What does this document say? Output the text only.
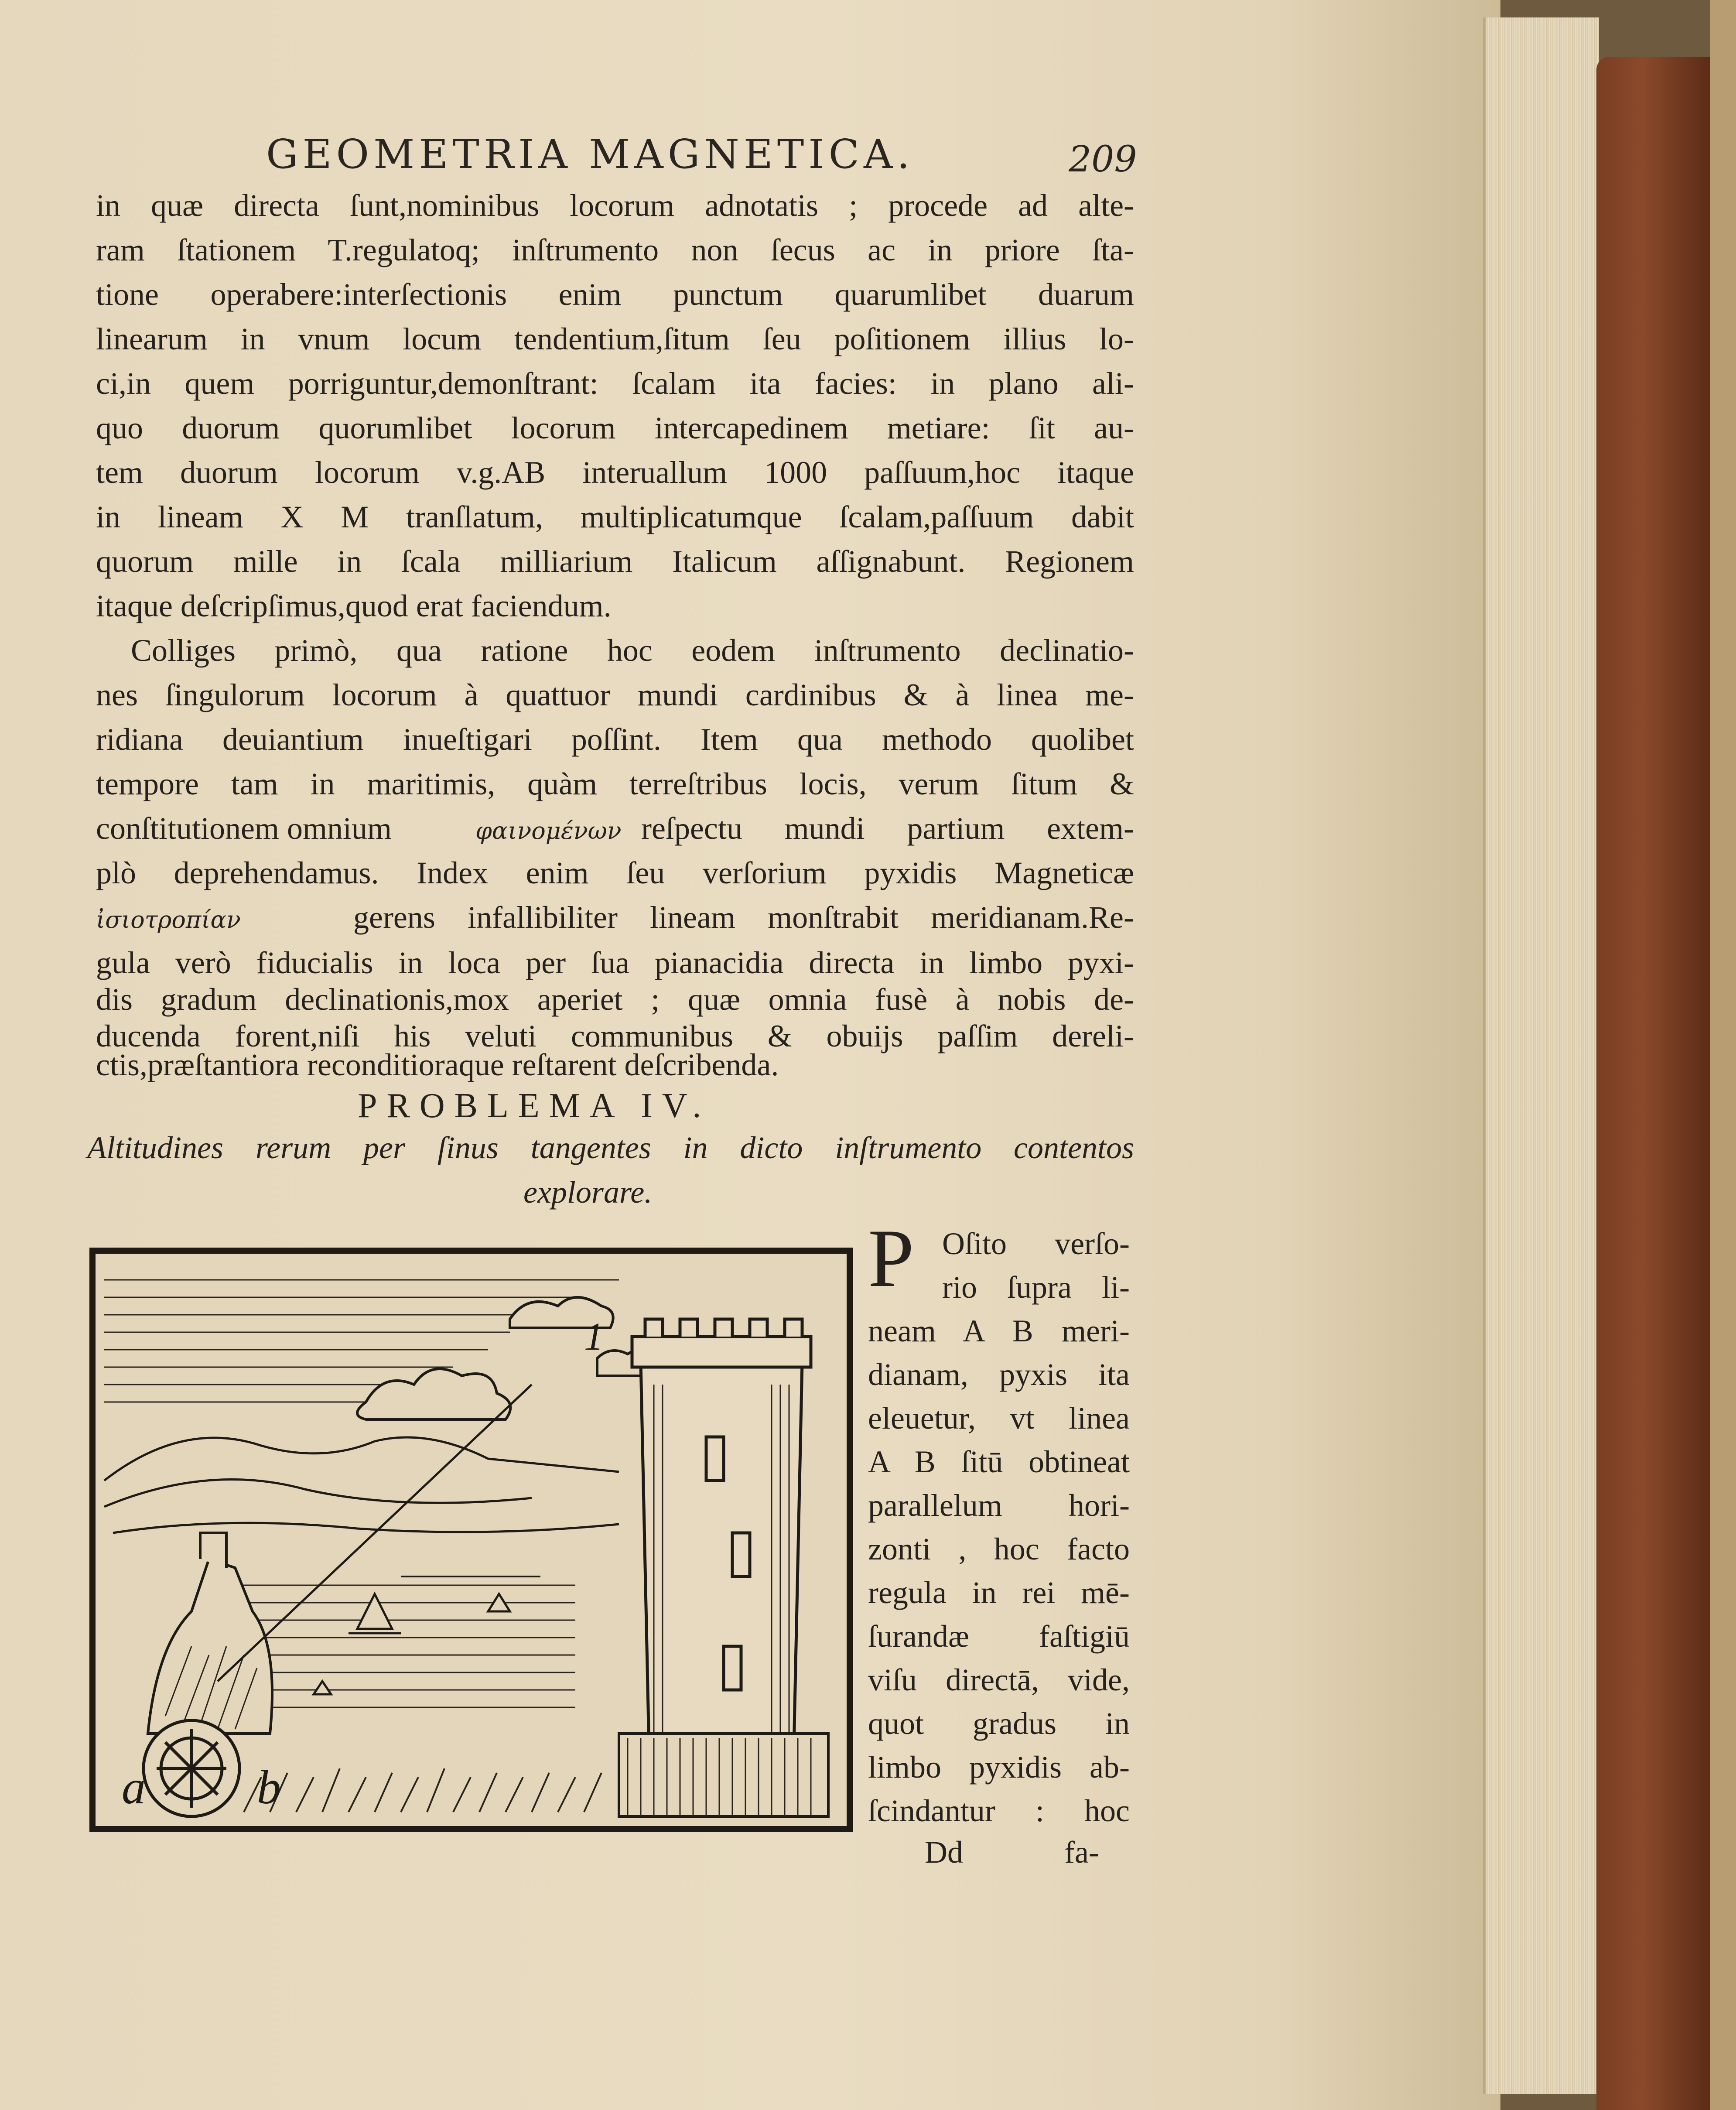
GEOMETRIA MAGNETICA.	209
in quæ directa ſunt,nominibus locorum adnotatis ; procede ad alte-
ram ſtationem T.regulatoq; inſtrumento non ſecus ac in priore ſta-
tione operabere:interſectionis enim punctum quarumlibet duarum
linearum in vnum locum tendentium,ſitum ſeu poſitionem illius lo-
ci,in quem porriguntur,demonſtrant: ſcalam ita facies: in plano ali-
quo duorum quorumlibet locorum intercapedinem metiare: ſit au-
tem duorum locorum v.g.AB interuallum 1000 paſſuum,hoc itaque
in lineam X M tranſlatum, multiplicatumque ſcalam,paſſuum dabit
quorum mille in ſcala milliarium Italicum aſſignabunt. Regionem
itaque deſcripſimus,quod erat faciendum.
Colliges primò, qua ratione hoc eodem inſtrumento declinatio-
nes ſingulorum locorum à quattuor mundi cardinibus & à linea me-
ridiana deuiantium inueſtigari poſſint. Item qua methodo quolibet
tempore tam in maritimis, quàm terreſtribus locis, verum ſitum &
conſtitutionem omnium	φαινομένων reſpectu mundi partium extem-
plò deprehendamus. Index enim ſeu verſorium pyxidis Magneticæ
ἰσιοτροπίαν	gerens infallibiliter lineam monſtrabit meridianam.Re-
gula verò fiducialis in loca per ſua pianacidia directa in limbo pyxi-
dis gradum declinationis,mox aperiet ; quæ omnia fusè à nobis de-
ducenda forent,niſi his veluti communibus & obuijs paſſim dereli-
PROBLEMA IV.
Altitudines rerum per ſinus tangentes in dicto inſtrumento contentos
explorare.
1
a b
P Oſito verſo-
rio ſupra li-
neam A B meri-
dianam, pyxis ita
eleuetur, vt linea
A B ſitū obtineat
parallelum hori-
zonti , hoc facto
regula in rei mē-
ſurandæ faſtigiū
viſu directā, vide,
quot gradus in
limbo pyxidis ab-
Dd	fa-
ctis,præſtantiora reconditioraque reſtarent deſcribenda.
ſcindantur : hoc
